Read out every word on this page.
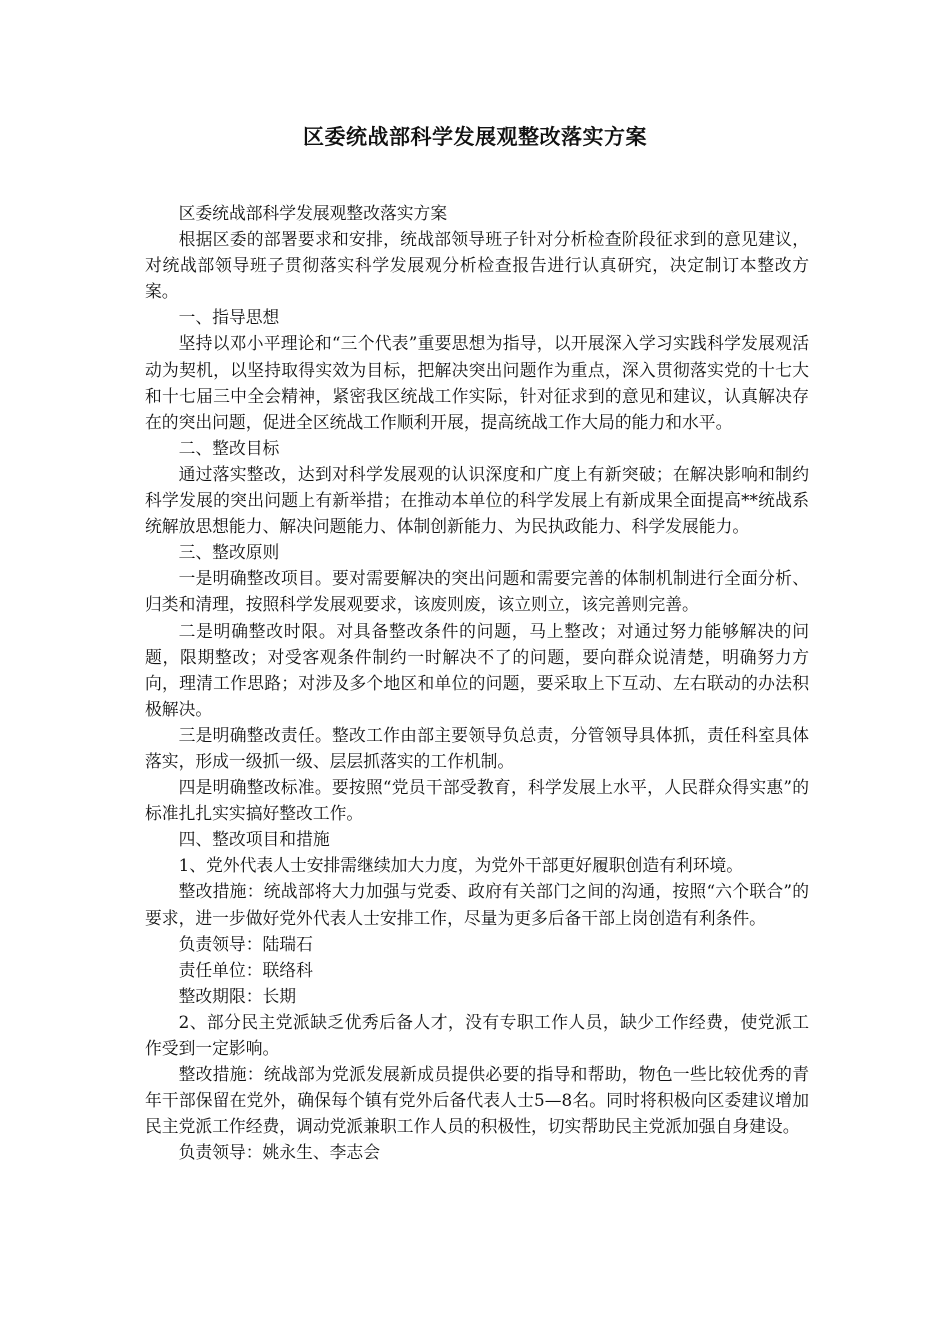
区委统战部科学发展观整改落实方案

区委统战部科学发展观整改落实方案

根据区委的部署要求和安排，统战部领导班子针对分析检查阶段征求到的意见建议，对统战部领导班子贯彻落实科学发展观分析检查报告进行认真研究，决定制订本整改方案。

一、指导思想

坚持以邓小平理论和“三个代表”重要思想为指导，以开展深入学习实践科学发展观活动为契机，以坚持取得实效为目标，把解决突出问题作为重点，深入贯彻落实党的十七大和十七届三中全会精神，紧密我区统战工作实际，针对征求到的意见和建议，认真解决存在的突出问题，促进全区统战工作顺利开展，提高统战工作大局的能力和水平。

二、整改目标

通过落实整改，达到对科学发展观的认识深度和广度上有新突破；在解决影响和制约科学发展的突出问题上有新举措；在推动本单位的科学发展上有新成果全面提高**统战系统解放思想能力、解决问题能力、体制创新能力、为民执政能力、科学发展能力。

三、整改原则

一是明确整改项目。要对需要解决的突出问题和需要完善的体制机制进行全面分析、归类和清理，按照科学发展观要求，该废则废，该立则立，该完善则完善。

二是明确整改时限。对具备整改条件的问题，马上整改；对通过努力能够解决的问题，限期整改；对受客观条件制约一时解决不了的问题，要向群众说清楚，明确努力方向，理清工作思路；对涉及多个地区和单位的问题，要采取上下互动、左右联动的办法积极解决。

三是明确整改责任。整改工作由部主要领导负总责，分管领导具体抓，责任科室具体落实，形成一级抓一级、层层抓落实的工作机制。

四是明确整改标准。要按照“党员干部受教育，科学发展上水平，人民群众得实惠”的标准扎扎实实搞好整改工作。

四、整改项目和措施

1、党外代表人士安排需继续加大力度，为党外干部更好履职创造有利环境。

整改措施：统战部将大力加强与党委、政府有关部门之间的沟通，按照“六个联合”的要求，进一步做好党外代表人士安排工作，尽量为更多后备干部上岗创造有利条件。

负责领导：陆瑞石

责任单位：联络科

整改期限：长期

2、部分民主党派缺乏优秀后备人才，没有专职工作人员，缺少工作经费，使党派工作受到一定影响。

整改措施：统战部为党派发展新成员提供必要的指导和帮助，物色一些比较优秀的青年干部保留在党外，确保每个镇有党外后备代表人士5—8名。同时将积极向区委建议增加民主党派工作经费，调动党派兼职工作人员的积极性，切实帮助民主党派加强自身建设。

负责领导：姚永生、李志会
